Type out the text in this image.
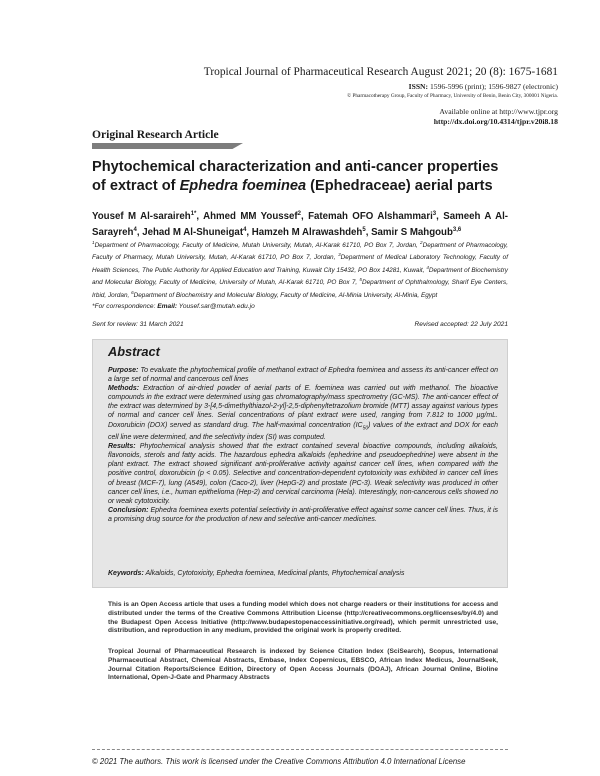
Tropical Journal of Pharmaceutical Research August 2021; 20 (8): 1675-1681
ISSN: 1596-5996 (print); 1596-9827 (electronic)
© Pharmacotherapy Group, Faculty of Pharmacy, University of Benin, Benin City, 300001 Nigeria.
Available online at http://www.tjpr.org
http://dx.doi.org/10.4314/tjpr.v20i8.18
Original Research Article
Phytochemical characterization and anti-cancer properties of extract of Ephedra foeminea (Ephedraceae) aerial parts
Yousef M Al-saraireh$^{1*}$, Ahmed MM Youssef$^2$, Fatemah OFO Alshammari$^3$, Sameeh A Al-Sarayreh$^4$, Jehad M Al-Shuneigat$^4$, Hamzeh M Alrawashdeh$^5$, Samir S Mahgoub$^{3,6}$
$^1$Department of Pharmacology, Faculty of Medicine, Mutah University, Mutah, Al-Karak 61710, PO Box 7, Jordan, $^2$Department of Pharmacology, Faculty of Pharmacy, Mutah University, Mutah, Al-Karak 61710, PO Box 7, Jordan, $^3$Department of Medical Laboratory Technology, Faculty of Health Sciences, The Public Authority for Applied Education and Training, Kuwait City 15432, PO Box 14281, Kuwait, $^4$Department of Biochemistry and Molecular Biology, Faculty of Medicine, University of Mutah, Al-Karak 61710, PO Box 7, $^5$Department of Ophthalmology, Sharif Eye Centers, Irbid, Jordan, $^6$Department of Biochemistry and Molecular Biology, Faculty of Medicine, Al-Minia University, Al-Minia, Egypt
*For correspondence: Email: Yousef.sar@mutah.edu.jo
Sent for review: 31 March 2021	Revised accepted: 22 July 2021
Abstract

Purpose: To evaluate the phytochemical profile of methanol extract of Ephedra foeminea and assess its anti-cancer effect on a large set of normal and cancerous cell lines

Methods: Extraction of air-dried powder of aerial parts of E. foeminea was carried out with methanol. The bioactive compounds in the extract were determined using gas chromatography/mass spectrometry (GC-MS). The anti-cancer effect of the extract was determined by 3-[4,5-dimethylthiazol-2-yl]-2,5-diphenyltetrazolium bromide (MTT) assay against various types of normal and cancer cell lines. Serial concentrations of plant extract were used, ranging from 7.812 to 1000 µg/mL. Doxorubicin (DOX) served as standard drug. The half-maximal concentration $(IC_{50})$ values of the extract and DOX for each cell line were determined, and the selectivity index (SI) was computed.

Results: Phytochemical analysis showed that the extract contained several bioactive compounds, including alkaloids, flavonoids, sterols and fatty acids. The hazardous ephedra alkaloids (ephedrine and pseudoephedrine) were absent in the plant extract. The extract showed significant anti-proliferative activity against cancer cell lines, when compared with the positive control, doxorubicin (p < 0.05). Selective and concentration-dependent cytotoxicity was exhibited in cancer cell lines of breast (MCF-7), lung (A549), colon (Caco-2), liver (HepG-2) and prostate (PC-3). Weak selectivity was produced in other cancer cell lines, i.e., human epithelioma (Hep-2) and cervical carcinoma (Hela). Interestingly, non-cancerous cells showed no or weak cytotoxicity.

Conclusion: Ephedra foeminea exerts potential selectivity in anti-proliferative effect against some cancer cell lines. Thus, it is a promising drug source for the production of new and selective anti-cancer medicines.

Keywords: Alkaloids, Cytotoxicity, Ephedra foeminea, Medicinal plants, Phytochemical analysis
This is an Open Access article that uses a funding model which does not charge readers or their institutions for access and distributed under the terms of the Creative Commons Attribution License (http://creativecommons.org/licenses/by/4.0) and the Budapest Open Access Initiative (http://www.budapestopenaccessinitiative.org/read), which permit unrestricted use, distribution, and reproduction in any medium, provided the original work is properly credited.
Tropical Journal of Pharmaceutical Research is indexed by Science Citation Index (SciSearch), Scopus, International Pharmaceutical Abstract, Chemical Abstracts, Embase, Index Copernicus, EBSCO, African Index Medicus, JournalSeek, Journal Citation Reports/Science Edition, Directory of Open Access Journals (DOAJ), African Journal Online, Bioline International, Open-J-Gate and Pharmacy Abstracts
© 2021 The authors. This work is licensed under the Creative Commons Attribution 4.0 International License
